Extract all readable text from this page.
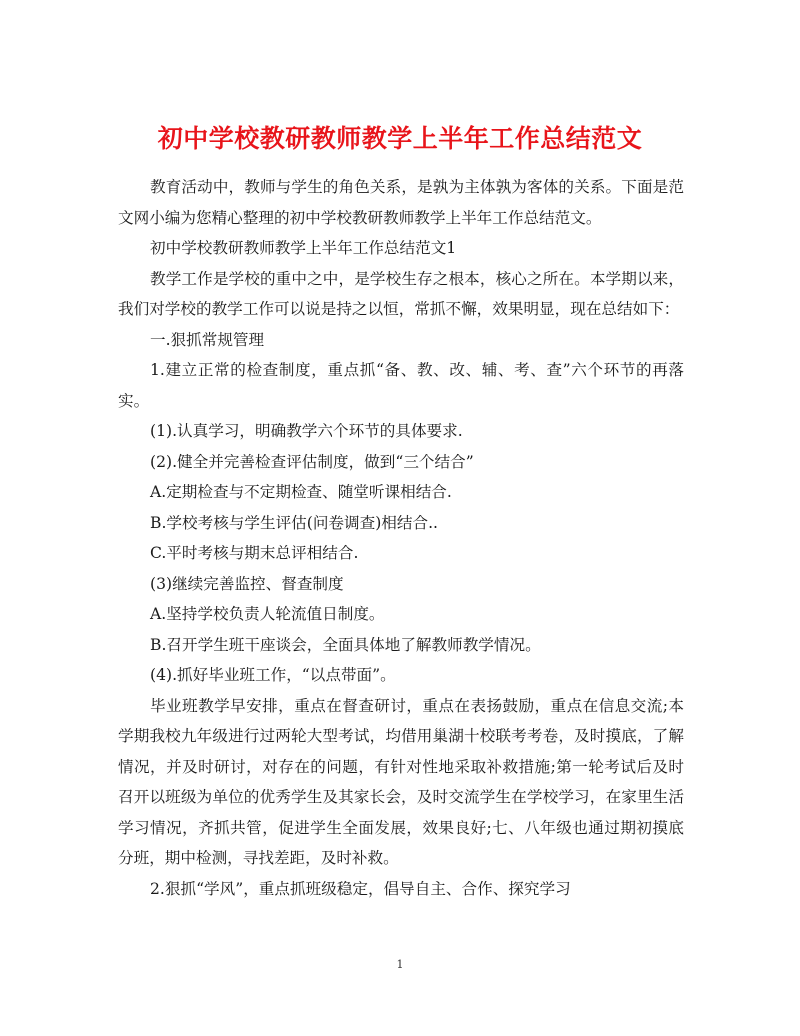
初中学校教研教师教学上半年工作总结范文

教育活动中，教师与学生的角色关系，是孰为主体孰为客体的关系。下面是范文网小编为您精心整理的初中学校教研教师教学上半年工作总结范文。

初中学校教研教师教学上半年工作总结范文1

教学工作是学校的重中之中，是学校生存之根本，核心之所在。本学期以来，我们对学校的教学工作可以说是持之以恒，常抓不懈，效果明显，现在总结如下：

一.狠抓常规管理

1.建立正常的检查制度，重点抓“备、教、改、辅、考、查”六个环节的再落实。

(1).认真学习，明确教学六个环节的具体要求.

(2).健全并完善检查评估制度，做到“三个结合”

A.定期检查与不定期检查、随堂听课相结合.

B.学校考核与学生评估(问卷调查)相结合..

C.平时考核与期末总评相结合.

(3)继续完善监控、督查制度

A.坚持学校负责人轮流值日制度。

B.召开学生班干座谈会，全面具体地了解教师教学情况。

(4).抓好毕业班工作，“以点带面”。

毕业班教学早安排，重点在督查研讨，重点在表扬鼓励，重点在信息交流;本学期我校九年级进行过两轮大型考试，均借用巢湖十校联考考卷，及时摸底，了解情况，并及时研讨，对存在的问题，有针对性地采取补救措施;第一轮考试后及时召开以班级为单位的优秀学生及其家长会，及时交流学生在学校学习，在家里生活学习情况，齐抓共管，促进学生全面发展，效果良好;七、八年级也通过期初摸底分班，期中检测，寻找差距，及时补救。

2.狠抓“学风”，重点抓班级稳定，倡导自主、合作、探究学习

1
